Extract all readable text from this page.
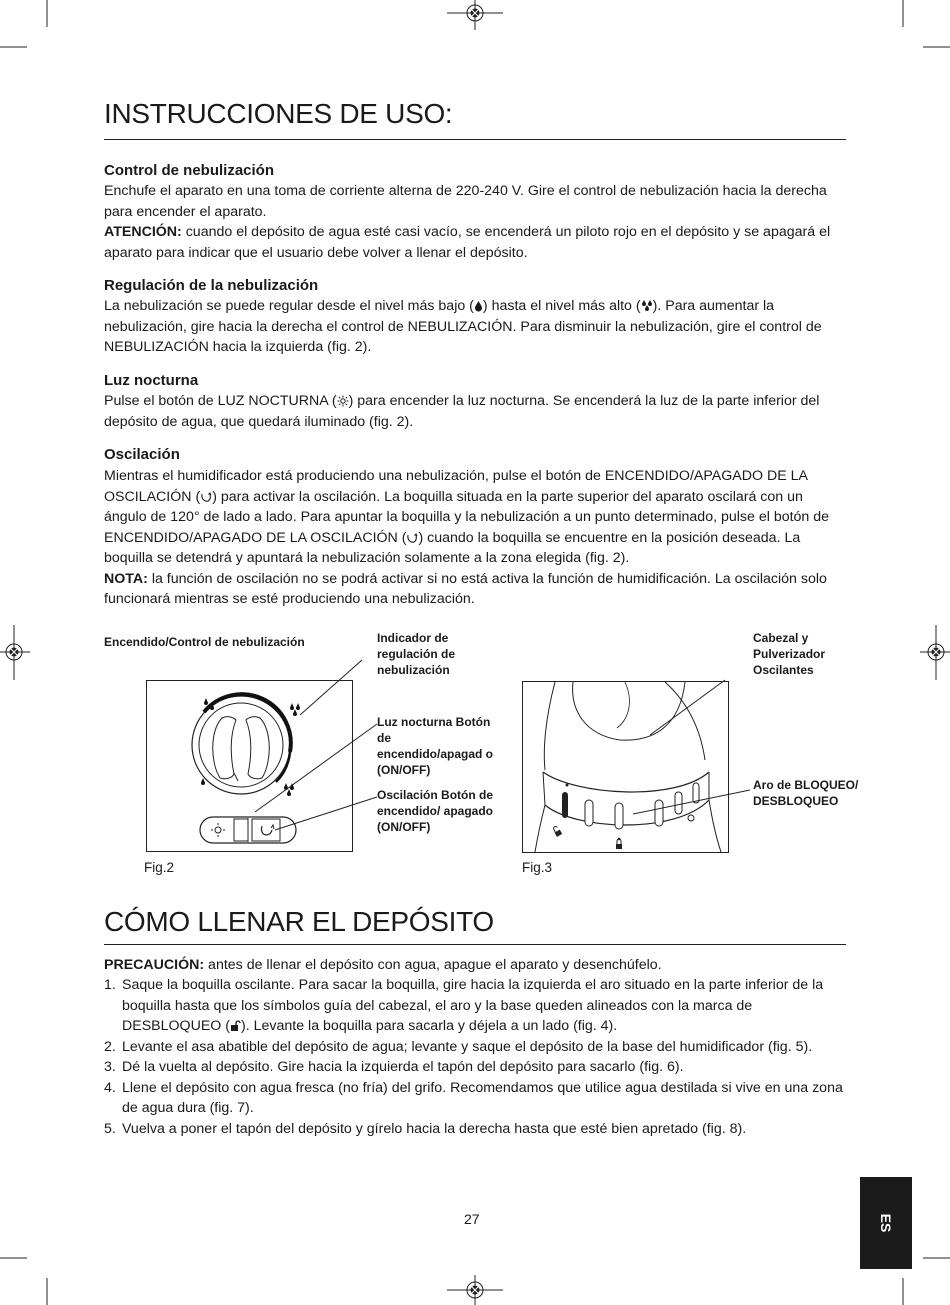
INSTRUCCIONES DE USO:
Control de nebulización

Enchufe el aparato en una toma de corriente alterna de 220-240 V. Gire el control de nebulización hacia la derecha para encender el aparato.
ATENCIÓN: cuando el depósito de agua esté casi vacío, se encenderá un piloto rojo en el depósito y se apagará el aparato para indicar que el usuario debe volver a llenar el depósito.

Regulación de la nebulización

La nebulización se puede regular desde el nivel más bajo ( ) hasta el nivel más alto ( ). Para aumentar la nebulización, gire hacia la derecha el control de NEBULIZACIÓN. Para disminuir la nebulización, gire el control de NEBULIZACIÓN hacia la izquierda (fig. 2).

Luz nocturna

Pulse el botón de LUZ NOCTURNA ( ) para encender la luz nocturna. Se encenderá la luz de la parte inferior del depósito de agua, que quedará iluminado (fig. 2).

Oscilación

Mientras el humidificador está produciendo una nebulización, pulse el botón de ENCENDIDO/APAGADO DE LA OSCILACIÓN ( ) para activar la oscilación. La boquilla situada en la parte superior del aparato oscilará con un ángulo de 120° de lado a lado. Para apuntar la boquilla y la nebulización a un punto determinado, pulse el botón de ENCENDIDO/APAGADO DE LA OSCILACIÓN ( ) cuando la boquilla se encuentre en la posición deseada. La boquilla se detendrá y apuntará la nebulización solamente a la zona elegida (fig. 2).
NOTA: la función de oscilación no se podrá activar si no está activa la función de humidificación. La oscilación solo funcionará mientras se esté produciendo una nebulización.

Encendido/Control de nebulización	Indicador de regulación de nebulización
Luz nocturna Botón de encendido/apagad o (ON/OFF)
Oscilación Botón de encendido/ apagado (ON/OFF)
Fig.2
Cabezal y Pulverizador Oscilantes
Aro de BLOQUEO/ DESBLOQUEO
Fig.3
CÓMO LLENAR EL DEPÓSITO

PRECAUCIÓN: antes de llenar el depósito con agua, apague el aparato y desenchúfelo.

1. Saque la boquilla oscilante. Para sacar la boquilla, gire hacia la izquierda el aro situado en la parte inferior de la boquilla hasta que los símbolos guía del cabezal, el aro y la base queden alineados con la marca de DESBLOQUEO ( ). Levante la boquilla para sacarla y déjela a un lado (fig. 4).
2. Levante el asa abatible del depósito de agua; levante y saque el depósito de la base del humidificador (fig. 5).
3. Dé la vuelta al depósito. Gire hacia la izquierda el tapón del depósito para sacarlo (fig. 6).
4. Llene el depósito con agua fresca (no fría) del grifo. Recomendamos que utilice agua destilada si vive en una zona de agua dura (fig. 7).
5. Vuelva a poner el tapón del depósito y gírelo hacia la derecha hasta que esté bien apretado (fig. 8).
27	ES
